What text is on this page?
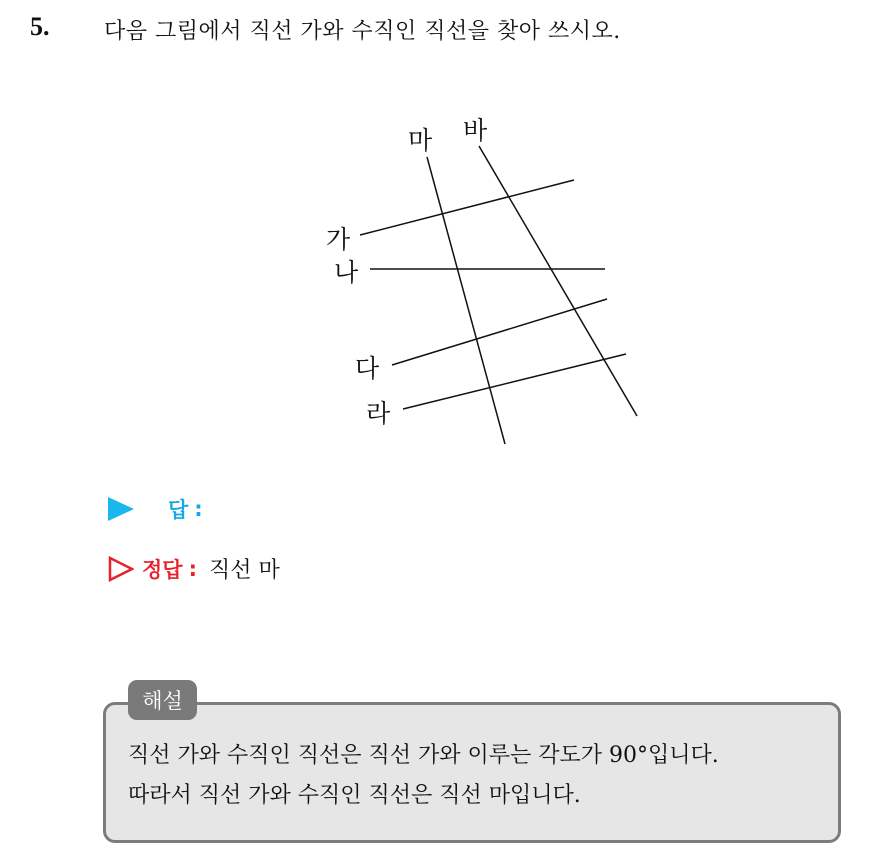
5. 다음 그림에서 직선 가와 수직인 직선을 찾아 쓰시오.
가
나
다
라
마 바
답 :
정답 : 직선 마
해설
직선 가와 수직인 직선은 직선 가와 이루는 각도가 90°입니다.
따라서 직선 가와 수직인 직선은 직선 마입니다.
